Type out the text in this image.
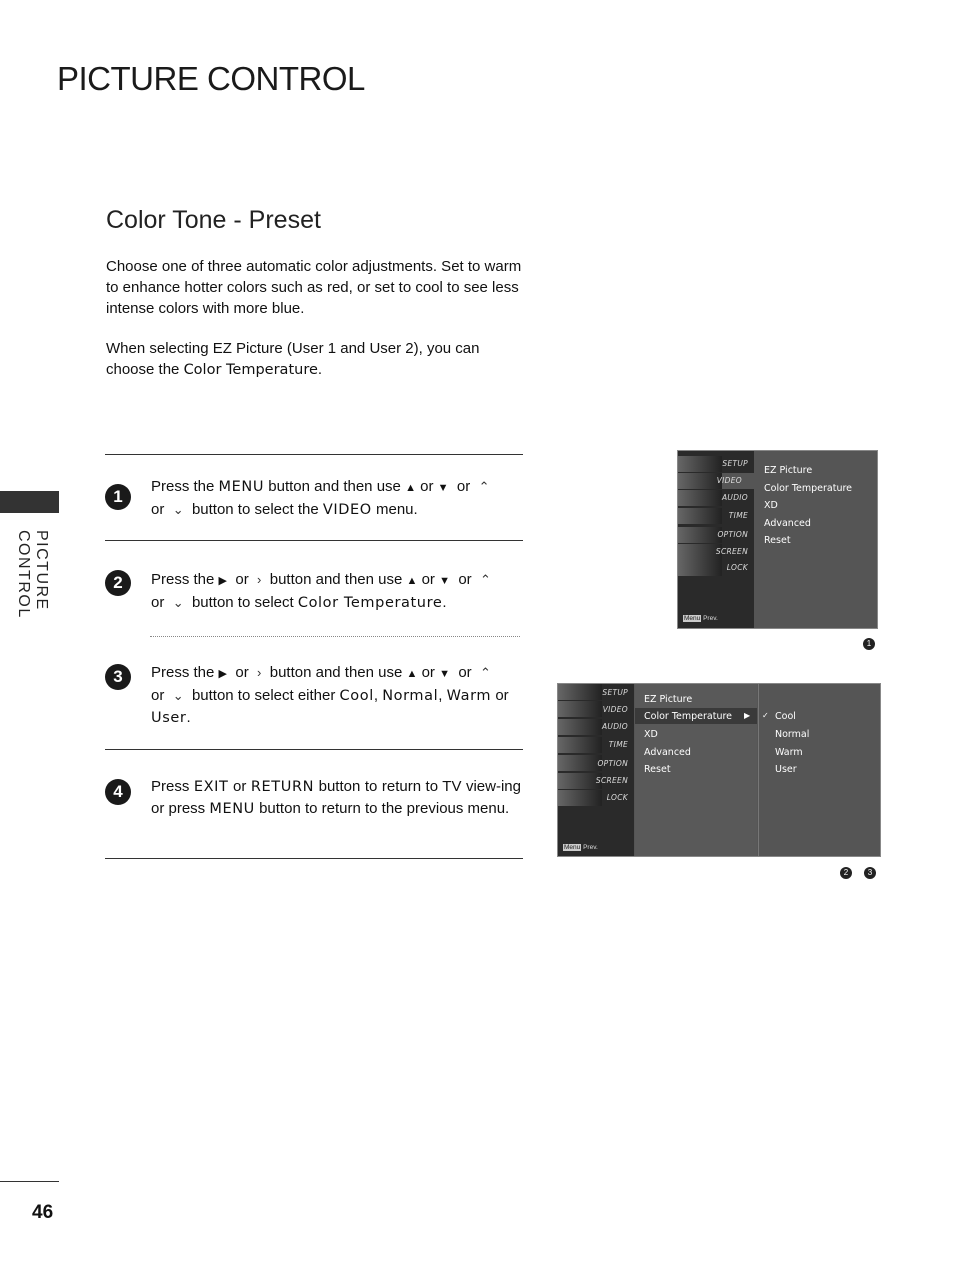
PICTURE CONTROL
Color Tone - Preset
Choose one of three automatic color adjustments. Set to warm to enhance hotter colors such as red, or set to cool to see less intense colors with more blue.
When selecting EZ Picture (User 1 and User 2), you can choose the Color Temperature.
PICTURE CONTROL
1
Press the MENU button and then use ▲ or ▼ or ⌃
or ⌄ button to select the VIDEO menu.
2	Press the ▶ or › button and then use ▲ or ▼ or ⌃
or ⌄ button to select Color Temperature.
3	Press the ▶ or › button and then use ▲ or ▼ or ⌃
or ⌄ button to select either Cool, Normal, Warm or
User.
4	Press EXIT or RETURN button to return to TV view-ing or press MENU button to return to the previous menu.
SETUP
VIDEO
AUDIO
TIME
OPTION
SCREEN
LOCK
Menu Prev.
EZ Picture
Color Temperature
XD
Advanced
Reset
1
SETUP
VIDEO
AUDIO
TIME
OPTION
SCREEN
LOCK
Menu Prev.
EZ Picture
Color Temperature ▶
XD
Advanced
Reset
✓ Cool
Normal
Warm
User
2	3
46
